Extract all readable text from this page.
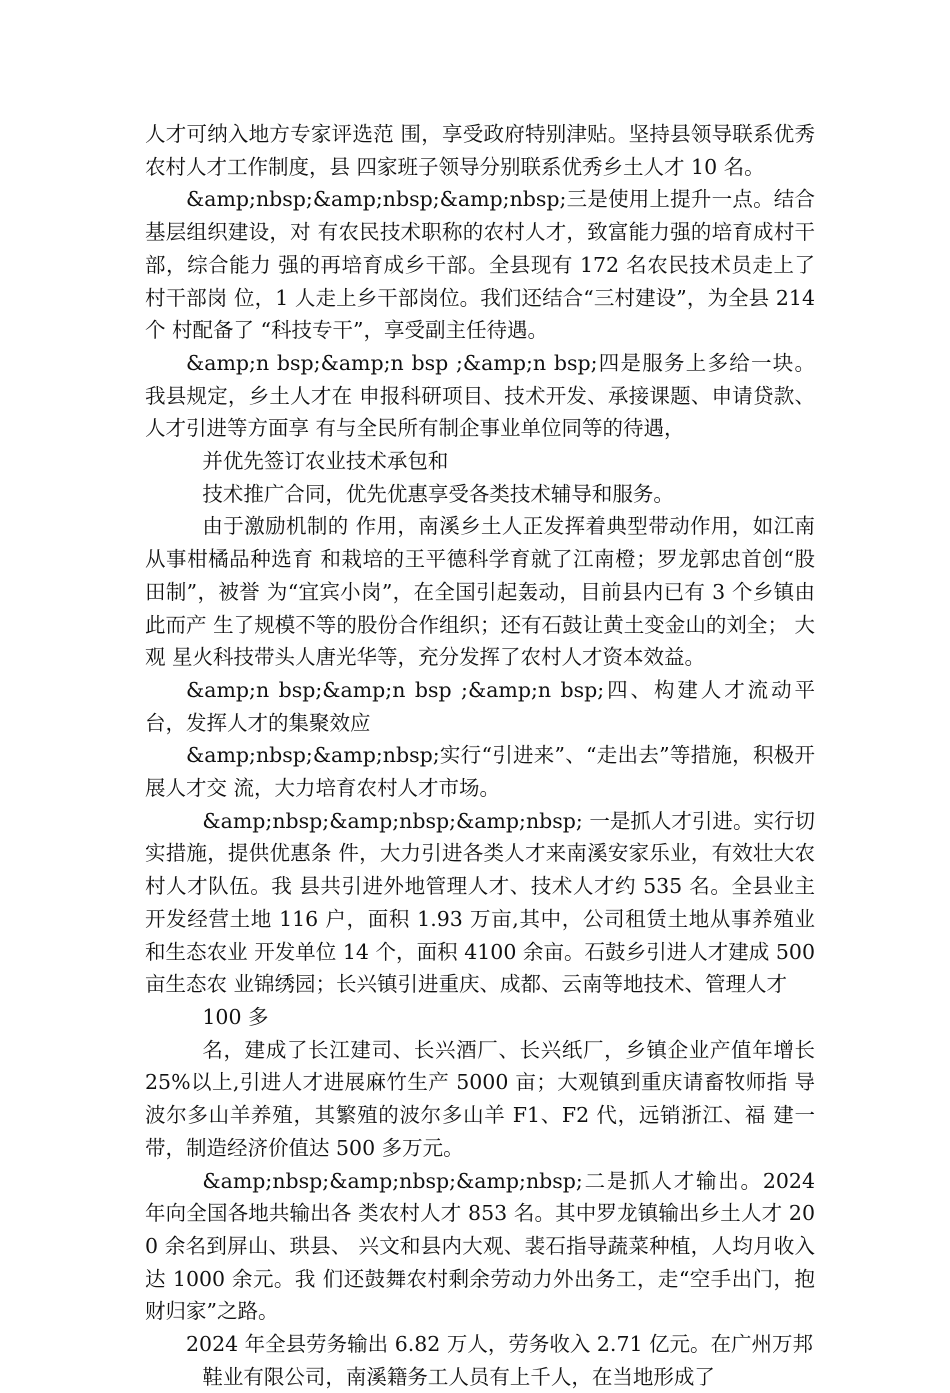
人才可纳入地方专家评选范 围，享受政府特别津贴。坚持县领导联系优秀农村人才工作制度，县 四家班子领导分别联系优秀乡土人才 10 名。

&amp;nbsp;&amp;nbsp;&amp;nbsp;三是使用上提升一点。结合基层组织建设，对 有农民技术职称的农村人才，致富能力强的培育成村干部，综合能力 强的再培育成乡干部。全县现有 172 名农民技术员走上了村干部岗 位，1 人走上乡干部岗位。我们还结合“三村建设”，为全县 214 个 村配备了 “科技专干”，享受副主任待遇。

&amp;n bsp;&amp;n bsp ;&amp;n bsp;四是服务上多给一块。我县规定，乡土人才在 申报科研项目、技术开发、承接课题、申请贷款、人才引进等方面享 有与全民所有制企事业单位同等的待遇，

并优先签订农业技术承包和

技术推广合同，优先优惠享受各类技术辅导和服务。

由于激励机制的 作用，南溪乡土人正发挥着典型带动作用，如江南从事柑橘品种选育 和栽培的王平德科学育就了江南橙；罗龙郭忠首创“股田制”，被誉 为“宜宾小岗”，在全国引起轰动，目前县内已有 3 个乡镇由此而产 生了规模不等的股份合作组织；还有石鼓让黄土变金山的刘全； 大观 星火科技带头人唐光华等，充分发挥了农村人才资本效益。

&amp;n bsp;&amp;n bsp ;&amp;n bsp;四、构建人才流动平台，发挥人才的集聚效应

&amp;nbsp;&amp;nbsp;实行“引进来”、“走出去”等措施，积极开展人才交 流，大力培育农村人才市场。

&amp;nbsp;&amp;nbsp;&amp;nbsp; 一是抓人才引进。实行切实措施，提供优惠条 件，大力引进各类人才来南溪安家乐业，有效壮大农村人才队伍。我 县共引进外地管理人才、技术人才约 535 名。全县业主开发经营土地 116 户，面积 1.93 万亩,其中，公司租赁土地从事养殖业和生态农业 开发单位 14 个，面积 4100 余亩。石鼓乡引进人才建成 500 亩生态农 业锦绣园；长兴镇引进重庆、成都、云南等地技术、管理人才

100 多

名，建成了长江建司、长兴酒厂、长兴纸厂，乡镇企业产值年增长 25%以上,引进人才进展麻竹生产 5000 亩；大观镇到重庆请畜牧师指 导波尔多山羊养殖，其繁殖的波尔多山羊 F1、F2 代，远销浙江、福 建一带，制造经济价值达 500 多万元。

&amp;nbsp;&amp;nbsp;&amp;nbsp;二是抓人才输出。2024 年向全国各地共输出各 类农村人才 853 名。其中罗龙镇输出乡土人才 200 余名到屏山、珙县、 兴文和县内大观、裴石指导蔬菜种植，人均月收入达 1000 余元。我 们还鼓舞农村剩余劳动力外出务工，走“空手出门，抱财归家”之路。

2024 年全县劳务输出 6.82 万人，劳务收入 2.71 亿元。在广州万邦

鞋业有限公司，南溪籍务工人员有上千人，在当地形成了
